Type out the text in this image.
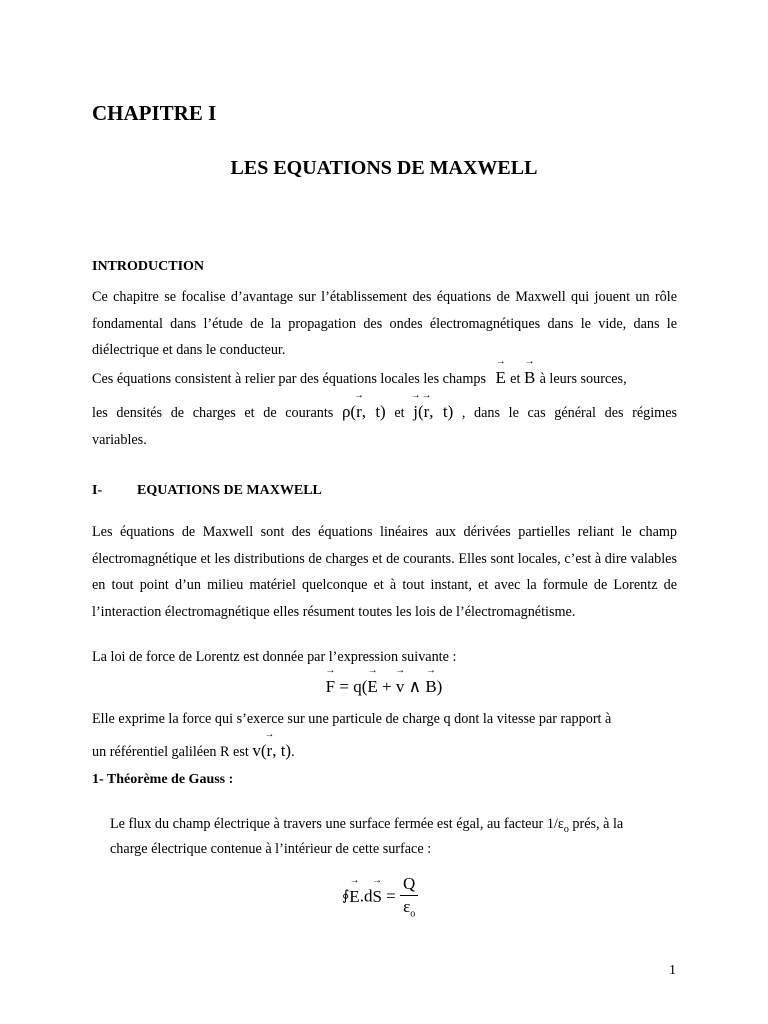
CHAPITRE I
LES EQUATIONS DE MAXWELL
INTRODUCTION
Ce chapitre se focalise d’avantage sur l’établissement des équations de Maxwell qui jouent un rôle fondamental dans l’étude de la propagation des ondes électromagnétiques dans le vide, dans le diélectrique et dans le conducteur.
Ces équations consistent à relier par des équations locales les champs → E et → B à leurs sources,
les densités de charges et de courants ρ(→ r, t) et → j(→ r, t) , dans le cas général des régimes
variables.
I- EQUATIONS DE MAXWELL
Les équations de Maxwell sont des équations linéaires aux dérivées partielles reliant le champ électromagnétique et les distributions de charges et de courants. Elles sont locales, c’est à dire valables en tout point d’un milieu matériel quelconque et à tout instant, et avec la formule de Lorentz de l’interaction électromagnétique elles résument toutes les lois de l’électromagnétisme.
La loi de force de Lorentz est donnée par l’expression suivante :
→ F = q(→ E + → v ∧ → B)
Elle exprime la force qui s’exerce sur une particule de charge q dont la vitesse par rapport à
un référentiel galiléen R est v(→ r, t).
1- Théorème de Gauss :
Le flux du champ électrique à travers une surface fermée est égal, au facteur $1/\varepsilon_o$ prés, à la
charge électrique contenue à l’intérieur de cette surface :
∮→ $E.d\to S = \frac{Q}{\varepsilon_o}$
1
